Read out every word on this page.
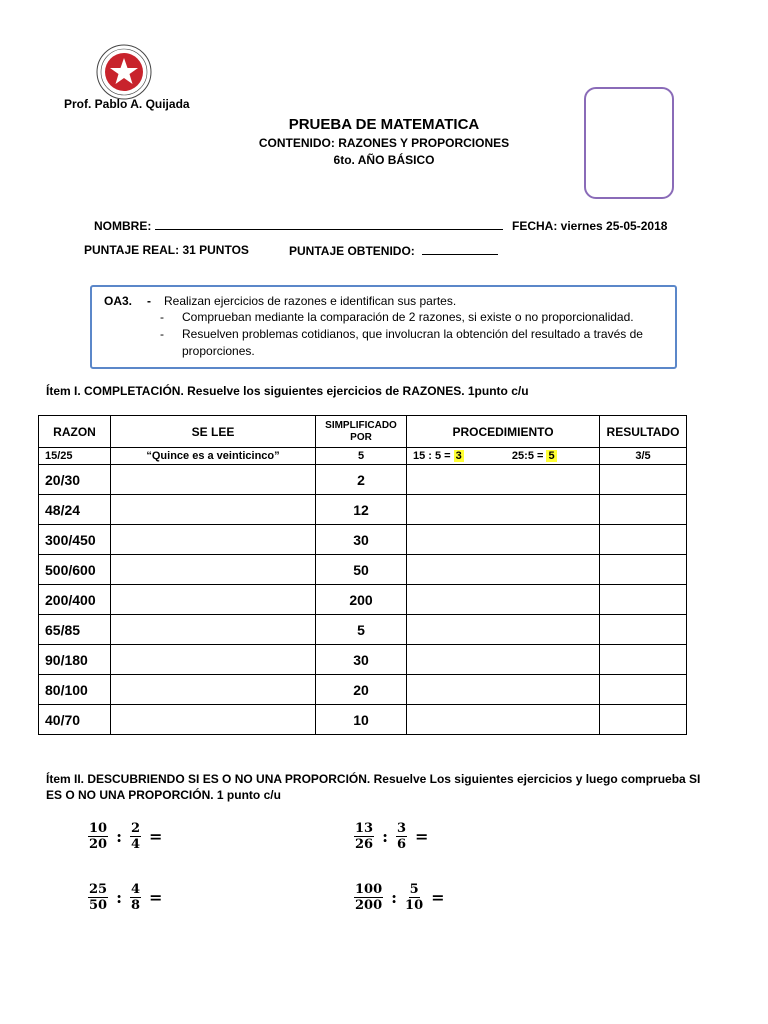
Prof. Pablo A. Quijada
PRUEBA DE MATEMATICA
CONTENIDO: RAZONES Y PROPORCIONES
6to. AÑO BÁSICO
NOMBRE:	FECHA: viernes 25-05-2018
PUNTAJE REAL: 31 PUNTOS	PUNTAJE OBTENIDO:
OA3. - Realizan ejercicios de razones e identifican sus partes.
- Comprueban mediante la comparación de 2 razones, si existe o no proporcionalidad.
- Resuelven problemas cotidianos, que involucran la obtención del resultado a través de
proporciones.
Ítem I. COMPLETACIÓN. Resuelve los siguientes ejercicios de RAZONES. 1punto c/u
RAZON	SE LEE	SIMPLIFICADO POR	PROCEDIMIENTO	RESULTADO
15/25	“Quince es a veinticinco”	5	15 : 5 = 3 25:5 = 5	3/5
20/30		2		
48/24		12		
300/450		30		
500/600		50		
200/400		200		
65/85		5		
90/180		30		
80/100		20		
40/70		10		
Ítem II. DESCUBRIENDO SI ES O NO UNA PROPORCIÓN. Resuelve Los siguientes ejercicios y luego comprueba SI
ES O NO UNA PROPORCIÓN. 1 punto c/u
$\frac{10}{20}$ : $\frac{2}{4}$ =	$\frac{13}{26}$ : $\frac{3}{6}$ =
$\frac{25}{50}$ : $\frac{4}{8}$ =	$\frac{100}{200}$ : $\frac{5}{10}$ =
